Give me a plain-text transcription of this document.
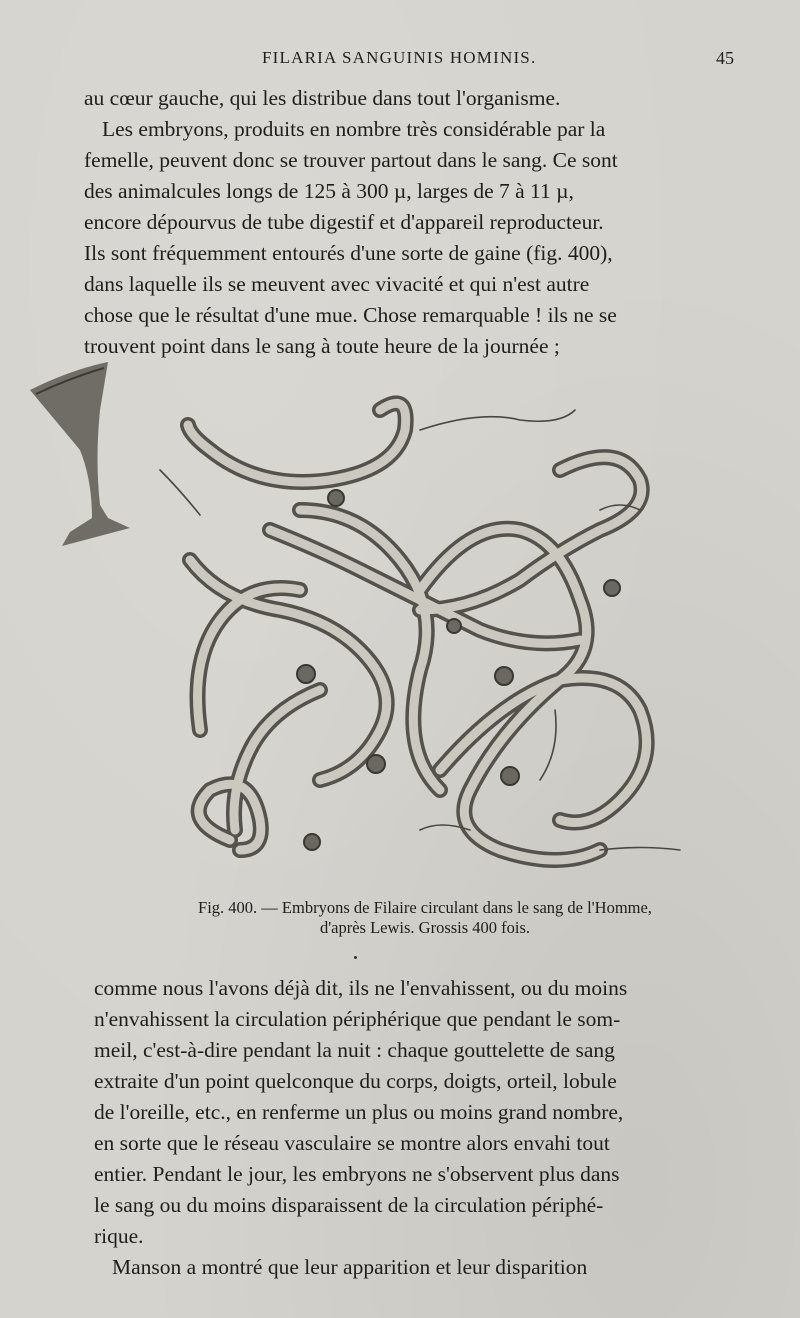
FILARIA SANGUINIS HOMINIS.	45

au cœur gauche, qui les distribue dans tout l'organisme.

Les embryons, produits en nombre très considérable par la

femelle, peuvent donc se trouver partout dans le sang. Ce sont

des animalcules longs de 125 à 300 µ, larges de 7 à 11 µ,

encore dépourvus de tube digestif et d'appareil reproducteur.

Ils sont fréquemment entourés d'une sorte de gaine (fig. 400),

dans laquelle ils se meuvent avec vivacité et qui n'est autre

chose que le résultat d'une mue. Chose remarquable ! ils ne se

trouvent point dans le sang à toute heure de la journée ;

Fig. 400. — Embryons de Filaire circulant dans le sang de l'Homme,
d'après Lewis. Grossis 400 fois.

comme nous l'avons déjà dit, ils ne l'envahissent, ou du moins

n'envahissent la circulation périphérique que pendant le som-

meil, c'est-à-dire pendant la nuit : chaque gouttelette de sang

extraite d'un point quelconque du corps, doigts, orteil, lobule

de l'oreille, etc., en renferme un plus ou moins grand nombre,

en sorte que le réseau vasculaire se montre alors envahi tout

entier. Pendant le jour, les embryons ne s'observent plus dans

le sang ou du moins disparaissent de la circulation périphé-

rique.

Manson a montré que leur apparition et leur disparition
